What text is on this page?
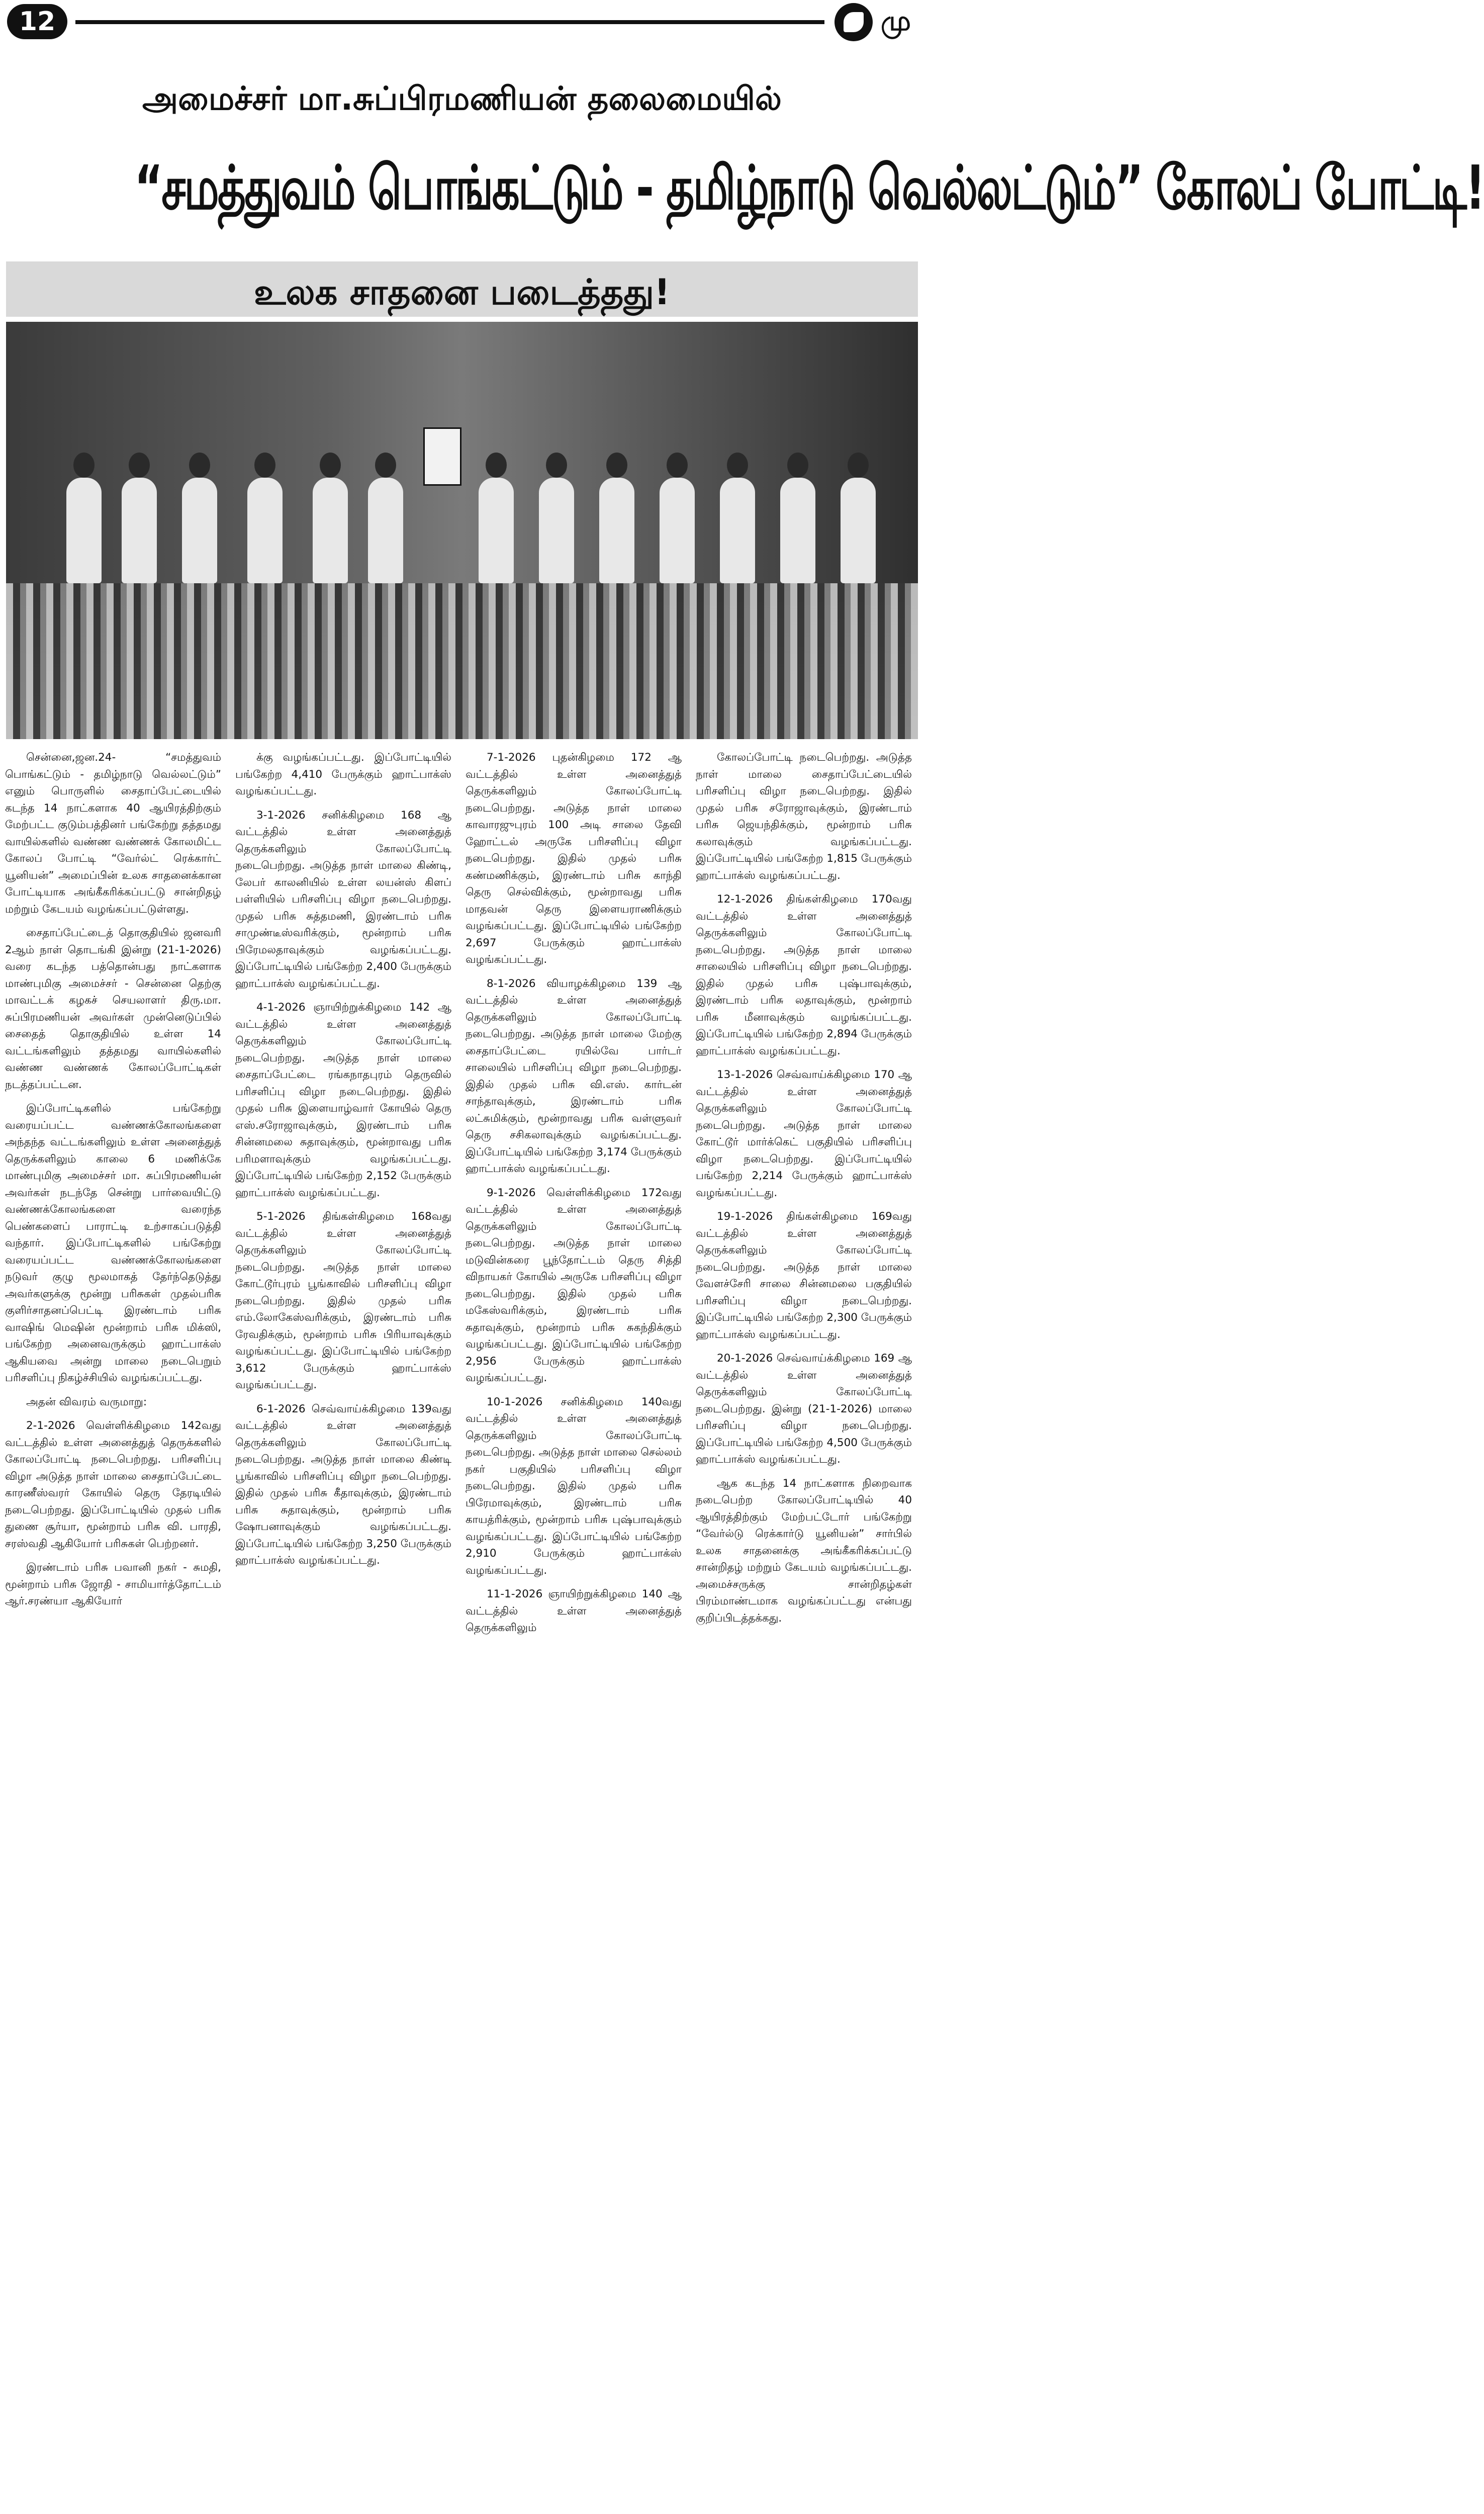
12	மு
அமைச்சர் மா.சுப்பிரமணியன் தலைமையில்
“சமத்துவம் பொங்கட்டும் - தமிழ்நாடு வெல்லட்டும்” கோலப் போட்டி!
உலக சாதனை படைத்தது!

சென்னை,ஜன.24- “சமத்துவம் பொங்கட்டும் - தமிழ்நாடு வெல்லட்டும்” எனும் பொருளில் சைதாப்பேட்டையில் கடந்த 14 நாட்களாக 40 ஆயிரத்திற்கும் மேற்பட்ட குடும்பத்தினர் பங்கேற்று தத்தமது வாயில்களில் வண்ண வண்ணக் கோலமிட்ட கோலப் போட்டி “வேர்ல்ட் ரெக்கார்ட் யூனியன்” அமைப்பின் உலக சாதனைக்கான போட்டியாக அங்கீகரிக்கப்பட்டு சான்றிதழ் மற்றும் கேடயம் வழங்கப்பட்டுள்ளது.

சைதாப்பேட்டைத் தொகுதியில் ஜனவரி 2ஆம் நாள் தொடங்கி இன்று (21-1-2026) வரை கடந்த பத்தொன்பது நாட்களாக மாண்புமிகு அமைச்சர் - சென்னை தெற்கு மாவட்டக் கழகச் செயலாளர் திரு.மா. சுப்பிரமணியன் அவர்கள் முன்னெடுப்பில் சைதைத் தொகுதியில் உள்ள 14 வட்டங்களிலும் தத்தமது வாயில்களில் வண்ண வண்ணக் கோலப்போட்டிகள் நடத்தப்பட்டன.

இப்போட்டிகளில் பங்கேற்று வரையப்பட்ட வண்ணக்கோலங்களை அந்தந்த வட்டங்களிலும் உள்ள அனைத்துத் தெருக்களிலும் காலை 6 மணிக்கே மாண்புமிகு அமைச்சர் மா. சுப்பிரமணியன் அவர்கள் நடந்தே சென்று பார்வையிட்டு வண்ணக்கோலங்களை வரைந்த பெண்களைப் பாராட்டி உற்சாகப்படுத்தி வந்தார். இப்போட்டிகளில் பங்கேற்று வரையப்பட்ட வண்ணக்கோலங்களை நடுவர் குழு மூலமாகத் தேர்ந்தெடுத்து அவர்களுக்கு மூன்று பரிசுகள் முதல்பரிசு குளிர்சாதனப்பெட்டி இரண்டாம் பரிசு வாஷிங் மெஷின் மூன்றாம் பரிசு மிக்ஸி, பங்கேற்ற அனைவருக்கும் ஹாட்பாக்ஸ் ஆகியவை அன்று மாலை நடைபெறும் பரிசளிப்பு நிகழ்ச்சியில் வழங்கப்பட்டது.

அதன் விவரம் வருமாறு:

2-1-2026 வெள்ளிக்கிழமை 142வது வட்டத்தில் உள்ள அனைத்துத் தெருக்களில் கோலப்போட்டி நடைபெற்றது. பரிசளிப்பு விழா அடுத்த நாள் மாலை சைதாப்பேட்டை காரணீஸ்வரர் கோயில் தெரு தேரடியில் நடைபெற்றது. இப்போட்டியில் முதல் பரிசு துணை சூர்யா, மூன்றாம் பரிசு வி. பாரதி, சரஸ்வதி ஆகியோர் பரிசுகள் பெற்றனர்.

இரண்டாம் பரிசு பவானி நகர் - சுமதி, மூன்றாம் பரிசு ஜோதி - சாமியார்த்தோட்டம் ஆர்.சரண்யா ஆகியோர்

க்கு வழங்கப்பட்டது. இப்போட்டியில் பங்கேற்ற 4,410 பேருக்கும் ஹாட்பாக்ஸ் வழங்கப்பட்டது.

3-1-2026 சனிக்கிழமை 168 ஆ வட்டத்தில் உள்ள அனைத்துத் தெருக்களிலும் கோலப்போட்டி நடைபெற்றது. அடுத்த நாள் மாலை கிண்டி, லேபர் காலனியில் உள்ள லயன்ஸ் கிளப் பள்ளியில் பரிசளிப்பு விழா நடைபெற்றது. முதல் பரிசு சுத்தமணி, இரண்டாம் பரிசு சாமுண்டீஸ்வரிக்கும், மூன்றாம் பரிசு பிரேமலதாவுக்கும் வழங்கப்பட்டது. இப்போட்டியில் பங்கேற்ற 2,400 பேருக்கும் ஹாட்பாக்ஸ் வழங்கப்பட்டது.

4-1-2026 ஞாயிற்றுக்கிழமை 142 ஆ வட்டத்தில் உள்ள அனைத்துத் தெருக்களிலும் கோலப்போட்டி நடைபெற்றது. அடுத்த நாள் மாலை சைதாப்பேட்டை ரங்கநாதபுரம் தெருவில் பரிசளிப்பு விழா நடைபெற்றது. இதில் முதல் பரிசு இளையாழ்வார் கோயில் தெரு எஸ்.சரோஜாவுக்கும், இரண்டாம் பரிசு சின்னமலை சுதாவுக்கும், மூன்றாவது பரிசு பரிமளாவுக்கும் வழங்கப்பட்டது. இப்போட்டியில் பங்கேற்ற 2,152 பேருக்கும் ஹாட்பாக்ஸ் வழங்கப்பட்டது.

5-1-2026 திங்கள்கிழமை 168வது வட்டத்தில் உள்ள அனைத்துத் தெருக்களிலும் கோலப்போட்டி நடைபெற்றது. அடுத்த நாள் மாலை கோட்டூர்புரம் பூங்காவில் பரிசளிப்பு விழா நடைபெற்றது. இதில் முதல் பரிசு எம்.லோகேஸ்வரிக்கும், இரண்டாம் பரிசு ரேவதிக்கும், மூன்றாம் பரிசு பிரியாவுக்கும் வழங்கப்பட்டது. இப்போட்டியில் பங்கேற்ற 3,612 பேருக்கும் ஹாட்பாக்ஸ் வழங்கப்பட்டது.

6-1-2026 செவ்வாய்க்கிழமை 139வது வட்டத்தில் உள்ள அனைத்துத் தெருக்களிலும் கோலப்போட்டி நடைபெற்றது. அடுத்த நாள் மாலை கிண்டி பூங்காவில் பரிசளிப்பு விழா நடைபெற்றது. இதில் முதல் பரிசு கீதாவுக்கும், இரண்டாம் பரிசு சுதாவுக்கும், மூன்றாம் பரிசு ஷோபனாவுக்கும் வழங்கப்பட்டது. இப்போட்டியில் பங்கேற்ற 3,250 பேருக்கும் ஹாட்பாக்ஸ் வழங்கப்பட்டது.

7-1-2026 புதன்கிழமை 172 ஆ வட்டத்தில் உள்ள அனைத்துத் தெருக்களிலும் கோலப்போட்டி நடைபெற்றது. அடுத்த நாள் மாலை காவாரஜுபுரம் 100 அடி சாலை தேவி ஹோட்டல் அருகே பரிசளிப்பு விழா நடைபெற்றது. இதில் முதல் பரிசு கண்மணிக்கும், இரண்டாம் பரிசு காந்தி தெரு செல்விக்கும், மூன்றாவது பரிசு மாதவன் தெரு இளையராணிக்கும் வழங்கப்பட்டது. இப்போட்டியில் பங்கேற்ற 2,697 பேருக்கும் ஹாட்பாக்ஸ் வழங்கப்பட்டது.

8-1-2026 வியாழக்கிழமை 139 ஆ வட்டத்தில் உள்ள அனைத்துத் தெருக்களிலும் கோலப்போட்டி நடைபெற்றது. அடுத்த நாள் மாலை மேற்கு சைதாப்பேட்டை ரயில்வே பார்டர் சாலையில் பரிசளிப்பு விழா நடைபெற்றது. இதில் முதல் பரிசு வி.எஸ். கார்டன் சாந்தாவுக்கும், இரண்டாம் பரிசு லட்சுமிக்கும், மூன்றாவது பரிசு வள்ளுவர் தெரு சசிகலாவுக்கும் வழங்கப்பட்டது. இப்போட்டியில் பங்கேற்ற 3,174 பேருக்கும் ஹாட்பாக்ஸ் வழங்கப்பட்டது.

9-1-2026 வெள்ளிக்கிழமை 172வது வட்டத்தில் உள்ள அனைத்துத் தெருக்களிலும் கோலப்போட்டி நடைபெற்றது. அடுத்த நாள் மாலை மடுவின்கரை பூந்தோட்டம் தெரு சித்தி விநாயகர் கோயில் அருகே பரிசளிப்பு விழா நடைபெற்றது. இதில் முதல் பரிசு மகேஸ்வரிக்கும், இரண்டாம் பரிசு சுதாவுக்கும், மூன்றாம் பரிசு சுகந்திக்கும் வழங்கப்பட்டது. இப்போட்டியில் பங்கேற்ற 2,956 பேருக்கும் ஹாட்பாக்ஸ் வழங்கப்பட்டது.

10-1-2026 சனிக்கிழமை 140வது வட்டத்தில் உள்ள அனைத்துத் தெருக்களிலும் கோலப்போட்டி நடைபெற்றது. அடுத்த நாள் மாலை செல்லம் நகர் பகுதியில் பரிசளிப்பு விழா நடைபெற்றது. இதில் முதல் பரிசு பிரேமாவுக்கும், இரண்டாம் பரிசு காயத்ரிக்கும், மூன்றாம் பரிசு புஷ்பாவுக்கும் வழங்கப்பட்டது. இப்போட்டியில் பங்கேற்ற 2,910 பேருக்கும் ஹாட்பாக்ஸ் வழங்கப்பட்டது.

11-1-2026 ஞாயிற்றுக்கிழமை 140 ஆ வட்டத்தில் உள்ள அனைத்துத் தெருக்களிலும்

கோலப்போட்டி நடைபெற்றது. அடுத்த நாள் மாலை சைதாப்பேட்டையில் பரிசளிப்பு விழா நடைபெற்றது. இதில் முதல் பரிசு சரோஜாவுக்கும், இரண்டாம் பரிசு ஜெயந்திக்கும், மூன்றாம் பரிசு கலாவுக்கும் வழங்கப்பட்டது. இப்போட்டியில் பங்கேற்ற 1,815 பேருக்கும் ஹாட்பாக்ஸ் வழங்கப்பட்டது.

12-1-2026 திங்கள்கிழமை 170வது வட்டத்தில் உள்ள அனைத்துத் தெருக்களிலும் கோலப்போட்டி நடைபெற்றது. அடுத்த நாள் மாலை சாலையில் பரிசளிப்பு விழா நடைபெற்றது. இதில் முதல் பரிசு புஷ்பாவுக்கும், இரண்டாம் பரிசு லதாவுக்கும், மூன்றாம் பரிசு மீனாவுக்கும் வழங்கப்பட்டது. இப்போட்டியில் பங்கேற்ற 2,894 பேருக்கும் ஹாட்பாக்ஸ் வழங்கப்பட்டது.

13-1-2026 செவ்வாய்க்கிழமை 170 ஆ வட்டத்தில் உள்ள அனைத்துத் தெருக்களிலும் கோலப்போட்டி நடைபெற்றது. அடுத்த நாள் மாலை கோட்டூர் மார்க்கெட் பகுதியில் பரிசளிப்பு விழா நடைபெற்றது. இப்போட்டியில் பங்கேற்ற 2,214 பேருக்கும் ஹாட்பாக்ஸ் வழங்கப்பட்டது.

19-1-2026 திங்கள்கிழமை 169வது வட்டத்தில் உள்ள அனைத்துத் தெருக்களிலும் கோலப்போட்டி நடைபெற்றது. அடுத்த நாள் மாலை வேளச்சேரி சாலை சின்னமலை பகுதியில் பரிசளிப்பு விழா நடைபெற்றது. இப்போட்டியில் பங்கேற்ற 2,300 பேருக்கும் ஹாட்பாக்ஸ் வழங்கப்பட்டது.

20-1-2026 செவ்வாய்க்கிழமை 169 ஆ வட்டத்தில் உள்ள அனைத்துத் தெருக்களிலும் கோலப்போட்டி நடைபெற்றது. இன்று (21-1-2026) மாலை பரிசளிப்பு விழா நடைபெற்றது. இப்போட்டியில் பங்கேற்ற 4,500 பேருக்கும் ஹாட்பாக்ஸ் வழங்கப்பட்டது.

ஆக கடந்த 14 நாட்களாக நிறைவாக நடைபெற்ற கோலப்போட்டியில் 40 ஆயிரத்திற்கும் மேற்பட்டோர் பங்கேற்று “வேர்ல்டு ரெக்கார்டு யூனியன்” சார்பில் உலக சாதனைக்கு அங்கீகரிக்கப்பட்டு சான்றிதழ் மற்றும் கேடயம் வழங்கப்பட்டது. அமைச்சருக்கு சான்றிதழ்கள் பிரம்மாண்டமாக வழங்கப்பட்டது என்பது குறிப்பிடத்தக்கது.
